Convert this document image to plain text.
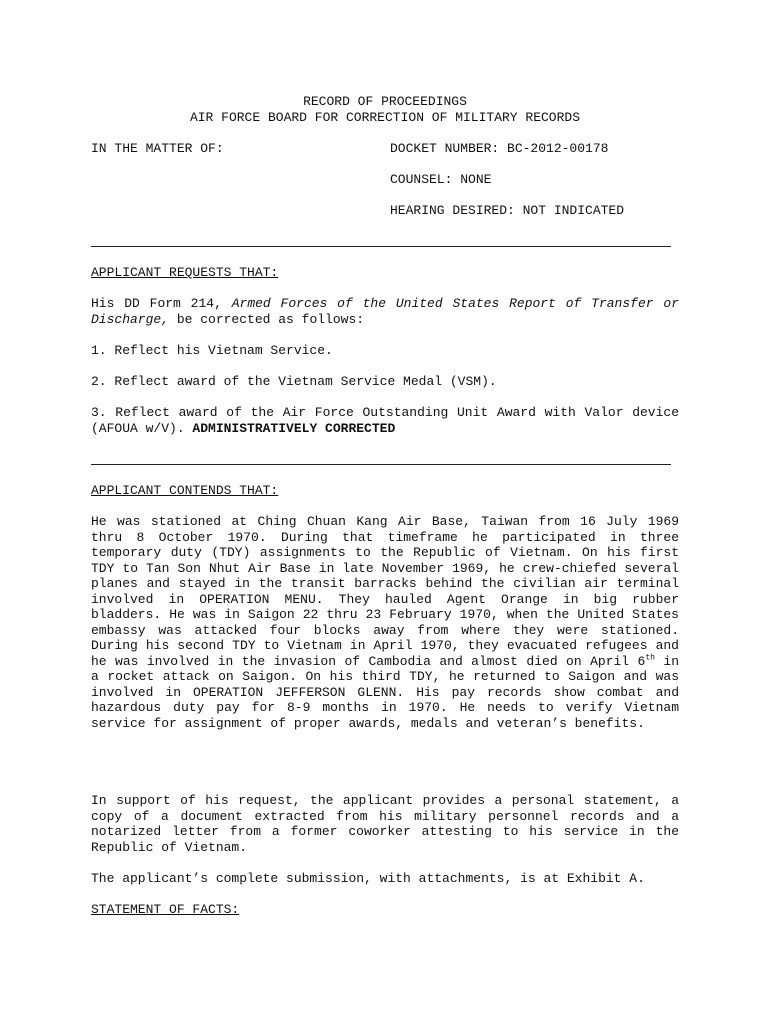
RECORD OF PROCEEDINGS
AIR FORCE BOARD FOR CORRECTION OF MILITARY RECORDS
IN THE MATTER OF:	DOCKET NUMBER: BC-2012-00178
COUNSEL: NONE
HEARING DESIRED: NOT INDICATED
APPLICANT REQUESTS THAT:
His DD Form 214, Armed Forces of the United States Report of Transfer or Discharge, be corrected as follows:
1. Reflect his Vietnam Service.
2. Reflect award of the Vietnam Service Medal (VSM).
3. Reflect award of the Air Force Outstanding Unit Award with Valor device (AFOUA w/V). ADMINISTRATIVELY CORRECTED
APPLICANT CONTENDS THAT:
He was stationed at Ching Chuan Kang Air Base, Taiwan from 16 July 1969 thru 8 October 1970. During that timeframe he participated in three temporary duty (TDY) assignments to the Republic of Vietnam. On his first TDY to Tan Son Nhut Air Base in late November 1969, he crew-chiefed several planes and stayed in the transit barracks behind the civilian air terminal involved in OPERATION MENU. They hauled Agent Orange in big rubber bladders. He was in Saigon 22 thru 23 February 1970, when the United States embassy was attacked four blocks away from where they were stationed. During his second TDY to Vietnam in April 1970, they evacuated refugees and he was involved in the invasion of Cambodia and almost died on April 6th in a rocket attack on Saigon. On his third TDY, he returned to Saigon and was involved in OPERATION JEFFERSON GLENN. His pay records show combat and hazardous duty pay for 8-9 months in 1970. He needs to verify Vietnam service for assignment of proper awards, medals and veteran’s benefits.
In support of his request, the applicant provides a personal statement, a copy of a document extracted from his military personnel records and a notarized letter from a former coworker attesting to his service in the Republic of Vietnam.
The applicant’s complete submission, with attachments, is at Exhibit A.
STATEMENT OF FACTS:
